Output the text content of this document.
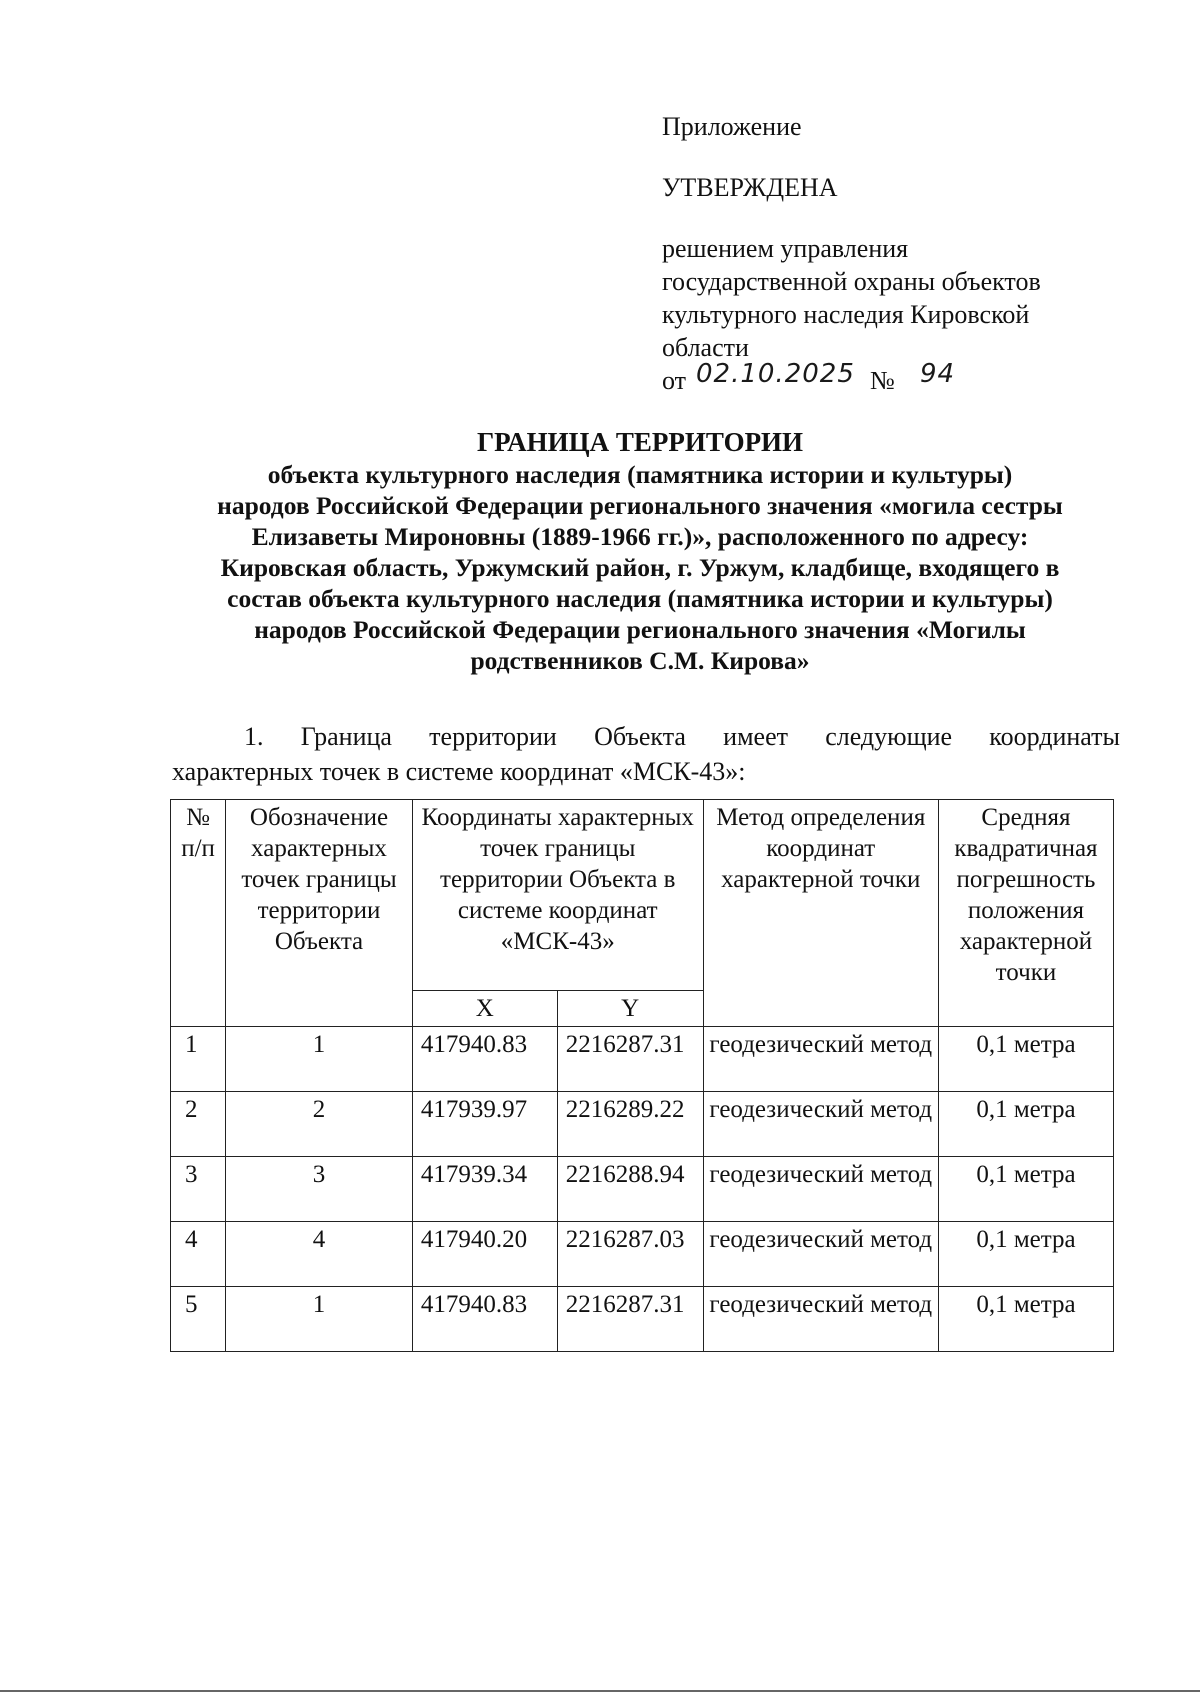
Приложение
УТВЕРЖДЕНА
решением управления
государственной охраны объектов
культурного наследия Кировской
области
от 02.10.2025 № 94
ГРАНИЦА ТЕРРИТОРИИ
объекта культурного наследия (памятника истории и культуры)
народов Российской Федерации регионального значения «могила сестры
Елизаветы Мироновны (1889-1966 гг.)», расположенного по адресу:
Кировская область, Уржумский район, г. Уржум, кладбище, входящего в
состав объекта культурного наследия (памятника истории и культуры)
народов Российской Федерации регионального значения «Могилы
родственников С.М. Кирова»
1. Граница территории Объекта имеет следующие координаты
характерных точек в системе координат «МСК-43»:
№ п/п	Обозначение характерных точек границы территории Объекта	Координаты характерных точек границы территории Объекта в системе координат «МСК-43»		Метод определения координат характерной точки	Средняя квадратичная погрешность положения характерной точки
		X	Y		
1	1	417940.83	2216287.31	геодезический метод	0,1 метра
2	2	417939.97	2216289.22	геодезический метод	0,1 метра
3	3	417939.34	2216288.94	геодезический метод	0,1 метра
4	4	417940.20	2216287.03	геодезический метод	0,1 метра
5	1	417940.83	2216287.31	геодезический метод	0,1 метра
